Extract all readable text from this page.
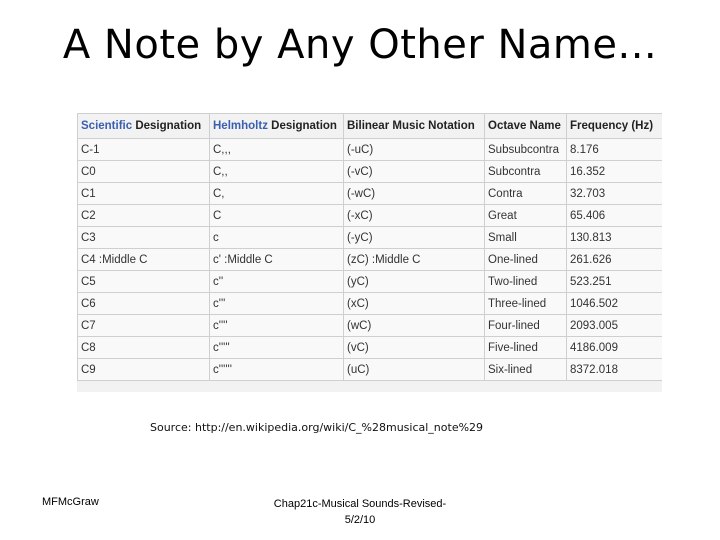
A Note by Any Other Name...
Scientific Designation	Helmholtz Designation	Bilinear Music Notation	Octave Name	Frequency (Hz)
C-1	C,,,	(-uC)	Subsubcontra	8.176
C0	C,,	(-vC)	Subcontra	16.352
C1	C,	(-wC)	Contra	32.703
C2	C	(-xC)	Great	65.406
C3	c	(-yC)	Small	130.813
C4 :Middle C	c' :Middle C	(zC) :Middle C	One-lined	261.626
C5	c''	(yC)	Two-lined	523.251
C6	c'''	(xC)	Three-lined	1046.502
C7	c''''	(wC)	Four-lined	2093.005
C8	c'''''	(vC)	Five-lined	4186.009
C9	c''''''	(uC)	Six-lined	8372.018
Source: http://en.wikipedia.org/wiki/C_%28musical_note%29
MFMcGraw	Chap21c-Musical Sounds-Revised-
5/2/10
